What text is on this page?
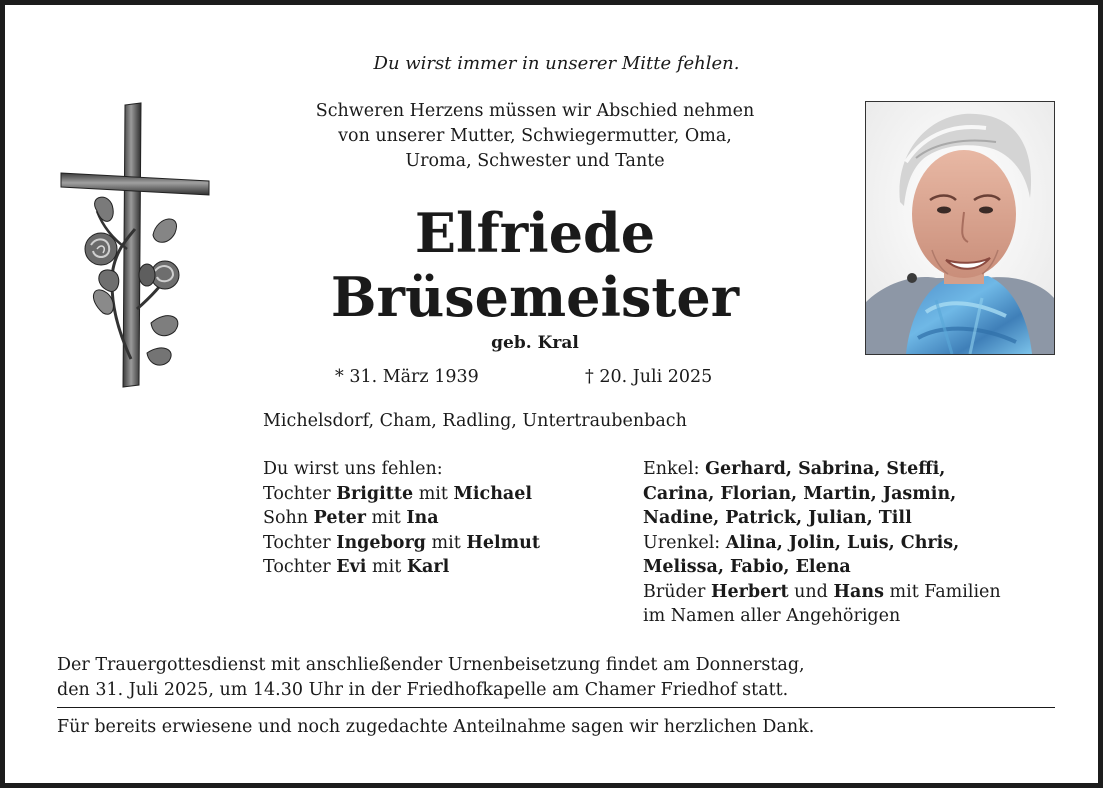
Du wirst immer in unserer Mitte fehlen.
Schweren Herzens müssen wir Abschied nehmen
von unserer Mutter, Schwiegermutter, Oma,
Uroma, Schwester und Tante
Elfriede
Brüsemeister
geb. Kral
* 31. März 1939	† 20. Juli 2025
Michelsdorf, Cham, Radling, Untertraubenbach
Du wirst uns fehlen:
Tochter Brigitte mit Michael
Sohn Peter mit Ina
Tochter Ingeborg mit Helmut
Tochter Evi mit Karl
Enkel: Gerhard, Sabrina, Steffi,
Carina, Florian, Martin, Jasmin,
Nadine, Patrick, Julian, Till
Urenkel: Alina, Jolin, Luis, Chris,
Melissa, Fabio, Elena
Brüder Herbert und Hans mit Familien
im Namen aller Angehörigen
Der Trauergottesdienst mit anschließender Urnenbeisetzung findet am Donnerstag,
den 31. Juli 2025, um 14.30 Uhr in der Friedhofkapelle am Chamer Friedhof statt.
Für bereits erwiesene und noch zugedachte Anteilnahme sagen wir herzlichen Dank.
